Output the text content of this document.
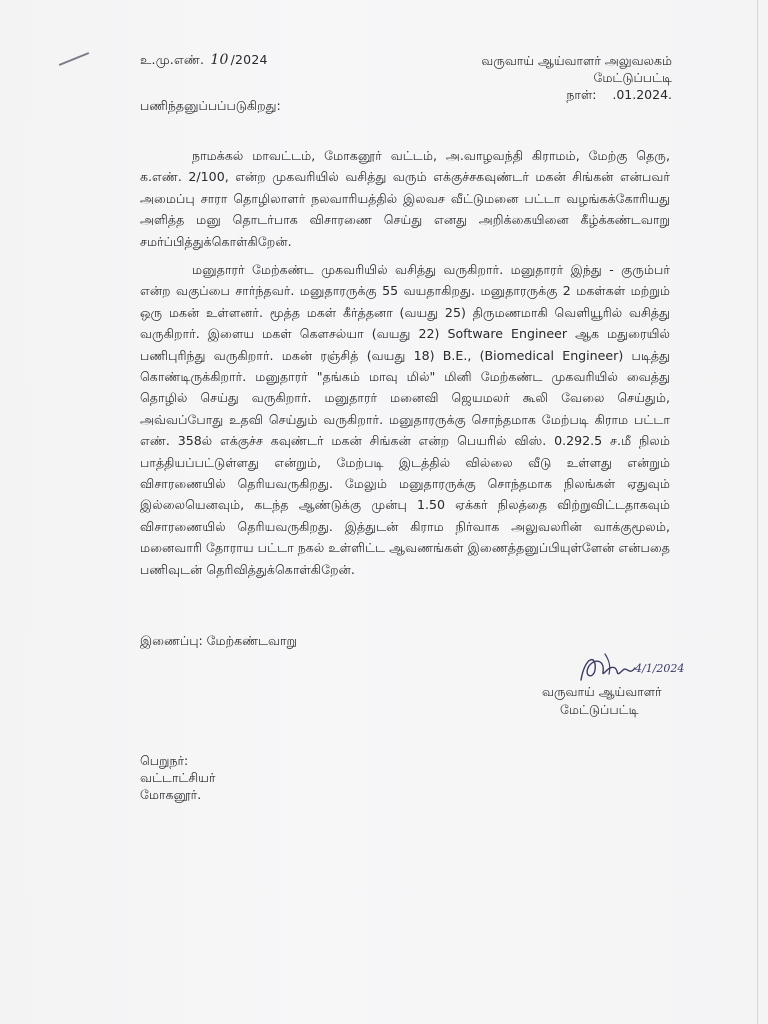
உ.மு.எண். 10 /2024	வருவாய் ஆய்வாளர் அலுவலகம்
மேட்டுப்பட்டி
நாள்: .01.2024.
பணிந்தனுப்பப்படுகிறது:

நாமக்கல் மாவட்டம், மோகனூர் வட்டம், அ.வாழவந்தி கிராமம், மேற்கு தெரு, க.எண். 2/100, என்ற முகவரியில் வசித்து வரும் எக்குச்சகவுண்டர் மகன் சிங்கன் என்பவர் அமைப்பு சாரா தொழிலாளர் நலவாரியத்தில் இலவச வீட்டுமனை பட்டா வழங்கக்கோரியது அளித்த மனு தொடர்பாக விசாரணை செய்து எனது அறிக்கையினை கீழ்க்கண்டவாறு சமர்ப்பித்துக்கொள்கிறேன்.

மனுதாரர் மேற்கண்ட முகவரியில் வசித்து வருகிறார். மனுதாரர் இந்து - குரும்பர் என்ற வகுப்பை சார்ந்தவர். மனுதாரருக்கு 55 வயதாகிறது. மனுதாரருக்கு 2 மகள்கள் மற்றும் ஒரு மகன் உள்ளனர். மூத்த மகள் கீர்த்தனா (வயது 25) திருமணமாகி வெளியூரில் வசித்து வருகிறார். இளைய மகள் கௌசல்யா (வயது 22) Software Engineer ஆக மதுரையில் பணிபுரிந்து வருகிறார். மகன் ரஞ்சித் (வயது 18) B.E., (Biomedical Engineer) படித்து கொண்டிருக்கிறார். மனுதாரர் "தங்கம் மாவு மில்" மினி மேற்கண்ட முகவரியில் வைத்து தொழில் செய்து வருகிறார். மனுதாரர் மனைவி ஜெயமலர் கூலி வேலை செய்தும், அவ்வப்போது உதவி செய்தும் வருகிறார். மனுதாரருக்கு சொந்தமாக மேற்படி கிராம பட்டா எண். 358ல் எக்குச்ச கவுண்டர் மகன் சிங்கன் என்ற பெயரில் விஸ். 0.292.5 ச.மீ நிலம் பாத்தியப்பட்டுள்ளது என்றும், மேற்படி இடத்தில் வில்லை வீடு உள்ளது என்றும் விசாரணையில் தெரியவருகிறது. மேலும் மனுதாரருக்கு சொந்தமாக நிலங்கள் ஏதுவும் இல்லையெனவும், கடந்த ஆண்டுக்கு முன்பு 1.50 ஏக்கர் நிலத்தை விற்றுவிட்டதாகவும் விசாரணையில் தெரியவருகிறது. இத்துடன் கிராம நிர்வாக அலுவலரின் வாக்குமூலம், மனைவாரி தோராய பட்டா நகல் உள்ளிட்ட ஆவணங்கள் இணைத்தனுப்பியுள்ளேன் என்பதை பணிவுடன் தெரிவித்துக்கொள்கிறேன்.

இணைப்பு: மேற்கண்டவாறு
4/1/2024
வருவாய் ஆய்வாளர்
மேட்டுப்பட்டி
பெறுநர்:
வட்டாட்சியர்
மோகனூர்.
